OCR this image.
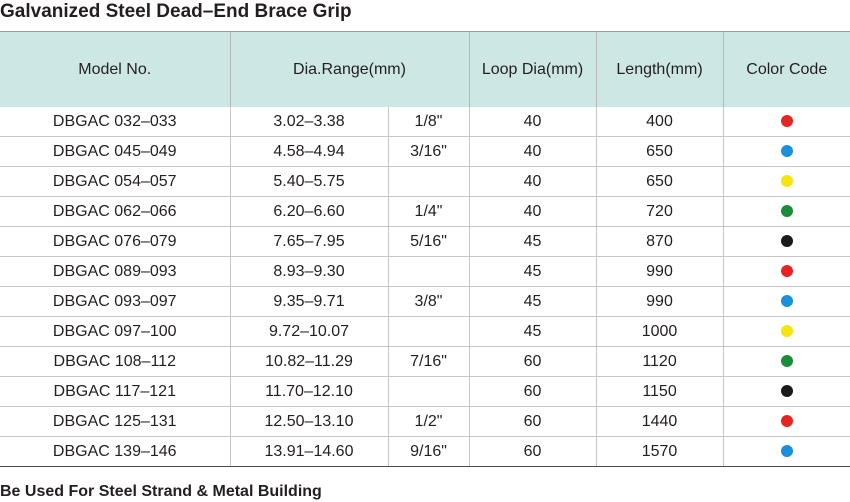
Galvanized Steel Dead–End Brace Grip
Model No.	Dia.Range(mm)		Loop Dia(mm)	Length(mm)	Color Code
DBGAC 032–033	3.02–3.38	1/8"	40	400	
DBGAC 045–049	4.58–4.94	3/16"	40	650	
DBGAC 054–057	5.40–5.75		40	650	
DBGAC 062–066	6.20–6.60	1/4"	40	720	
DBGAC 076–079	7.65–7.95	5/16"	45	870	
DBGAC 089–093	8.93–9.30		45	990	
DBGAC 093–097	9.35–9.71	3/8"	45	990	
DBGAC 097–100	9.72–10.07		45	1000	
DBGAC 108–112	10.82–11.29	7/16"	60	1120	
DBGAC 117–121	11.70–12.10		60	1150	
DBGAC 125–131	12.50–13.10	1/2"	60	1440	
DBGAC 139–146	13.91–14.60	9/16"	60	1570	
Be Used For Steel Strand & Metal Building
